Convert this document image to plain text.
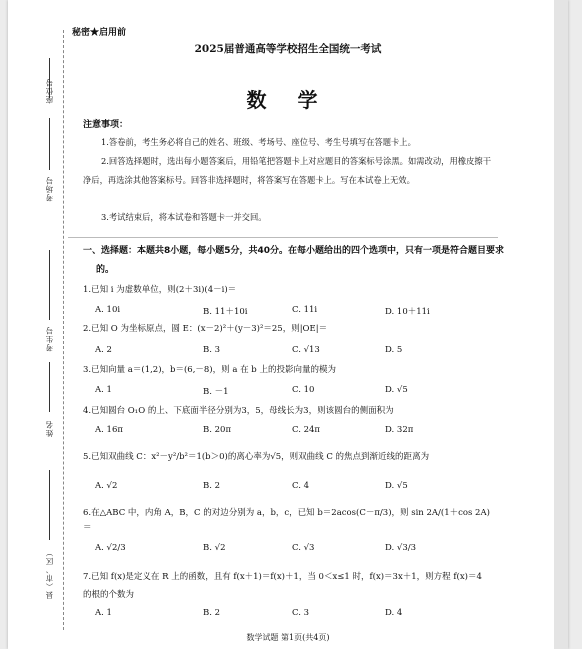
座位号
考场号
考生号
姓名
县（市、区）
秘密★启用前
2025届普通高等学校招生全国统一考试
数 学
注意事项：
1.答卷前，考生务必将自己的姓名、班级、考场号、座位号、考生号填写在答题卡上。
2.回答选择题时，选出每小题答案后，用铅笔把答题卡上对应题目的答案标号涂黑。如需改动，用橡皮擦干净后，再选涂其他答案标号。回答非选择题时，将答案写在答题卡上。写在本试卷上无效。
3.考试结束后，将本试卷和答题卡一并交回。
一、选择题：本题共8小题，每小题5分，共40分。在每小题给出的四个选项中，只有一项是符合题目要求的。
1.已知 i 为虚数单位，则(2＋3i)(4－i)＝
A. 10i	B. 11＋10i	C. 11i	D. 10＋11i
2.已知 O 为坐标原点，圆 E：(x－2)²＋(y－3)²＝25，则|OE|＝
A. 2	B. 3	C. √13	D. 5
3.已知向量 a＝(1,2)，b＝(6,－8)，则 a 在 b 上的投影向量的模为
A. 1	B. －1	C. 10	D. √5
4.已知圆台 O₁O 的上、下底面半径分别为3，5，母线长为3，则该圆台的侧面积为
A. 16π	B. 20π	C. 24π	D. 32π
5.已知双曲线 C：x²－y²/b²＝1(b＞0)的离心率为√5，则双曲线 C 的焦点到渐近线的距离为
A. √2	B. 2	C. 4	D. √5
6.在△ABC 中，内角 A，B，C 的对边分别为 a，b，c，已知 b＝2acos(C－π/3)，则 sin 2A/(1＋cos 2A)＝
A. √2/3	B. √2	C. √3	D. √3/3
7.已知 f(x)是定义在 R 上的函数，且有 f(x＋1)＝f(x)＋1，当 0＜x≤1 时，f(x)＝3x＋1，则方程 f(x)＝4 的根的个数为
A. 1	B. 2	C. 3	D. 4
数学试题 第1页(共4页)
